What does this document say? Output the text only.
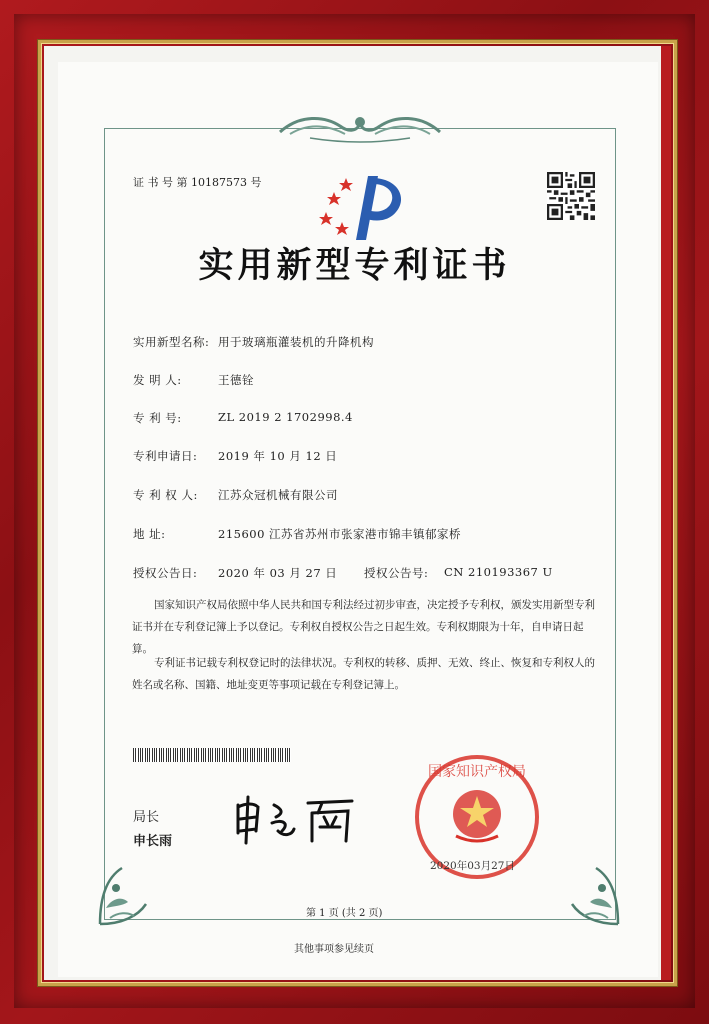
证 书 号 第 10187573 号
实用新型专利证书
实用新型名称: 用于玻璃瓶灌装机的升降机构
发 明 人:	王德铨
专 利 号:	ZL 2019 2 1702998.4
专利申请日: 2019 年 10 月 12 日
专 利 权 人: 江苏众冠机械有限公司
地 址:	215600 江苏省苏州市张家港市锦丰镇郁家桥
授权公告日: 2020 年 03 月 27 日 授权公告号: CN 210193367 U
国家知识产权局依照中华人民共和国专利法经过初步审查，决定授予专利权，颁发实用新型专利证书并在专利登记簿上予以登记。专利权自授权公告之日起生效。专利权期限为十年，自申请日起算。
专利证书记载专利权登记时的法律状况。专利权的转移、质押、无效、终止、恢复和专利权人的姓名或名称、国籍、地址变更等事项记载在专利登记簿上。
局长
申长雨
国家知识产权局
2020年03月27日
第 1 页 (共 2 页)
其他事项参见续页
